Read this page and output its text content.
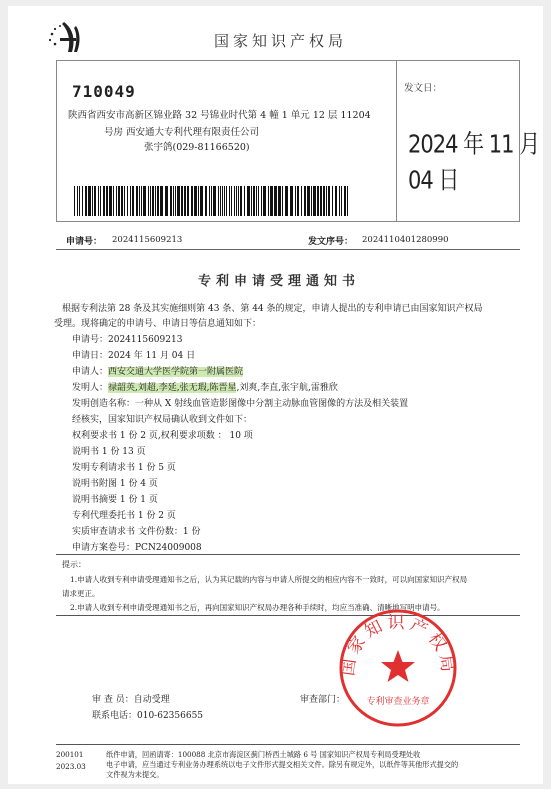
国家知识产权局
710049
陕西省西安市高新区锦业路 32 号锦业时代第 4 幢 1 单元 12 层 11204
号房 西安通大专利代理有限责任公司
张宇鸽(029-81166520)
发文日：
2024 年 11 月 04 日
申请号： 2024115609213	发文序号： 2024110401280990
专利申请受理通知书
根据专利法第 28 条及其实施细则第 43 条、第 44 条的规定，申请人提出的专利申请已由国家知识产权局
受理。现将确定的申请号、申请日等信息通知如下：
申请号：2024115609213
申请日：2024 年 11 月 04 日
申请人：西安交通大学医学院第一附属医院
发明人：禄韶英,刘超,李延,张无瑕,陈晋星,刘爽,李直,张宇航,雷雅欣
发明创造名称：一种从 X 射线血管造影图像中分割主动脉血管图像的方法及相关装置
经核实，国家知识产权局确认收到文件如下：
权利要求书 1 份 2 页,权利要求项数 ： 10 项
说明书 1 份 13 页
发明专利请求书 1 份 5 页
说明书附图 1 份 4 页
说明书摘要 1 份 1 页
专利代理委托书 1 份 2 页
实质审查请求书 文件份数：1 份
申请方案卷号：PCN24009008
提示：
1.申请人收到专利申请受理通知书之后，认为其记载的内容与申请人所提交的相应内容不一致时，可以向国家知识产权局
请求更正。
2.申请人收到专利申请受理通知书之后，再向国家知识产权局办理各种手续时，均应当准确、清晰地写明申请号。
审 查 员：自动受理
联系电话：010-62356655
审查部门：
国家知识产权局
专利审查业务章
200101
2023.03
纸件申请，回函请寄：100088 北京市海淀区蓟门桥西土城路 6 号 国家知识产权局专利局受理处收
电子申请，应当通过专利业务办理系统以电子文件形式提交相关文件。除另有规定外，以纸件等其他形式提交的
文件视为未提交。
